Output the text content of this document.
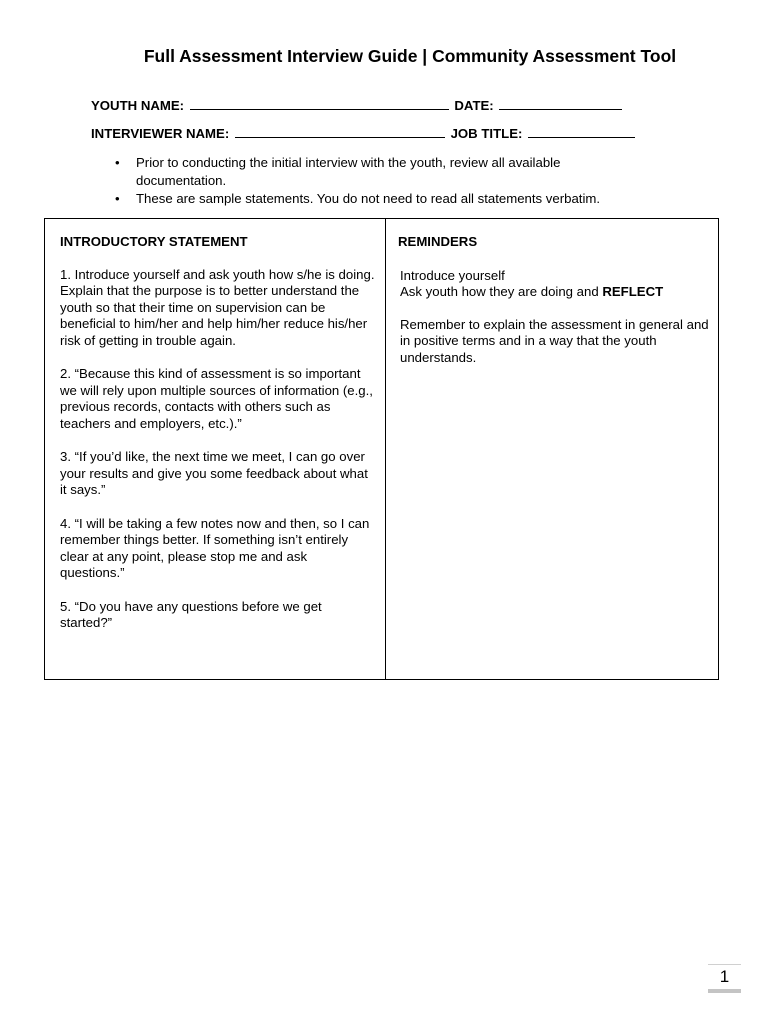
Full Assessment Interview Guide | Community Assessment Tool
YOUTH NAME:	DATE:
INTERVIEWER NAME:	JOB TITLE:
• Prior to conducting the initial interview with the youth, review all available documentation.
• These are sample statements. You do not need to read all statements verbatim.
INTRODUCTORY STATEMENT

1. Introduce yourself and ask youth how s/he is doing. Explain that the purpose is to better understand the youth so that their time on supervision can be beneficial to him/her and help him/her reduce his/her risk of getting in trouble again.

2. “Because this kind of assessment is so important we will rely upon multiple sources of information (e.g., previous records, contacts with others such as teachers and employers, etc.).”

3. “If you’d like, the next time we meet, I can go over your results and give you some feedback about what it says.”

4. “I will be taking a few notes now and then, so I can remember things better. If something isn’t entirely clear at any point, please stop me and ask questions.”

5. “Do you have any questions before we get started?”

REMINDERS

Introduce yourself
Ask youth how they are doing and REFLECT

Remember to explain the assessment in general and in positive terms and in a way that the youth understands.

1
